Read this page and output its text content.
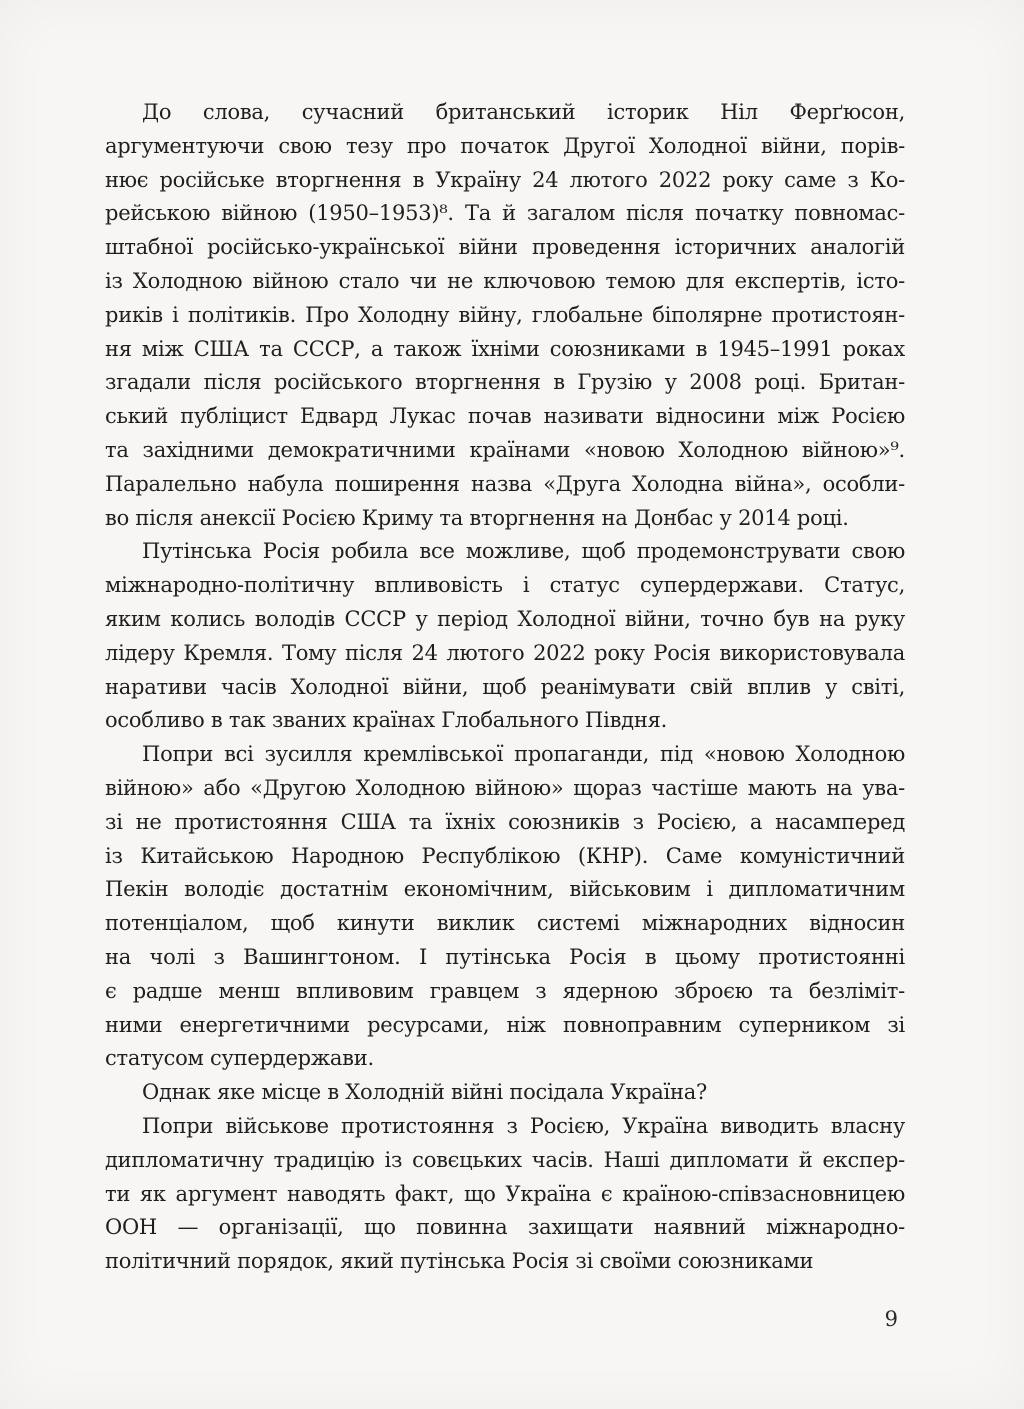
До слова, сучасний британський історик Ніл Ферґюсон,
аргументуючи свою тезу про початок Другої Холодної війни, порів-
нює російське вторгнення в Україну 24 лютого 2022 року саме з Ко-
рейською війною (1950–1953)⁸. Та й загалом після початку повномас-
штабної російсько-української війни проведення історичних аналогій
із Холодною війною стало чи не ключовою темою для експертів, істо-
риків і політиків. Про Холодну війну, глобальне біполярне протистоян-
ня між США та СССР, а також їхніми союзниками в 1945–1991 роках
згадали після російського вторгнення в Грузію у 2008 році. Британ-
ський публіцист Едвард Лукас почав називати відносини між Росією
та західними демократичними країнами «новою Холодною війною»⁹.
Паралельно набула поширення назва «Друга Холодна війна», особли-
во після анексії Росією Криму та вторгнення на Донбас у 2014 році.
Путінська Росія робила все можливе, щоб продемонструвати свою
міжнародно-політичну впливовість і статус супердержави. Статус,
яким колись володів СССР у період Холодної війни, точно був на руку
лідеру Кремля. Тому після 24 лютого 2022 року Росія використовувала
наративи часів Холодної війни, щоб реанімувати свій вплив у світі,
особливо в так званих країнах Глобального Півдня.
Попри всі зусилля кремлівської пропаганди, під «новою Холодною
війною» або «Другою Холодною війною» щораз частіше мають на ува-
зі не протистояння США та їхніх союзників з Росією, а насамперед
із Китайською Народною Республікою (КНР). Саме комуністичний
Пекін володіє достатнім економічним, військовим і дипломатичним
потенціалом, щоб кинути виклик системі міжнародних відносин
на чолі з Вашингтоном. І путінська Росія в цьому протистоянні
є радше менш впливовим гравцем з ядерною зброєю та безліміт-
ними енергетичними ресурсами, ніж повноправним суперником зі
статусом супердержави.
Однак яке місце в Холодній війні посідала Україна?
Попри військове протистояння з Росією, Україна виводить власну
дипломатичну традицію із совєцьких часів. Наші дипломати й експер-
ти як аргумент наводять факт, що Україна є країною-співзасновницею
ООН — організації, що повинна захищати наявний міжнародно-
політичний порядок, який путінська Росія зі своїми союзниками
9
